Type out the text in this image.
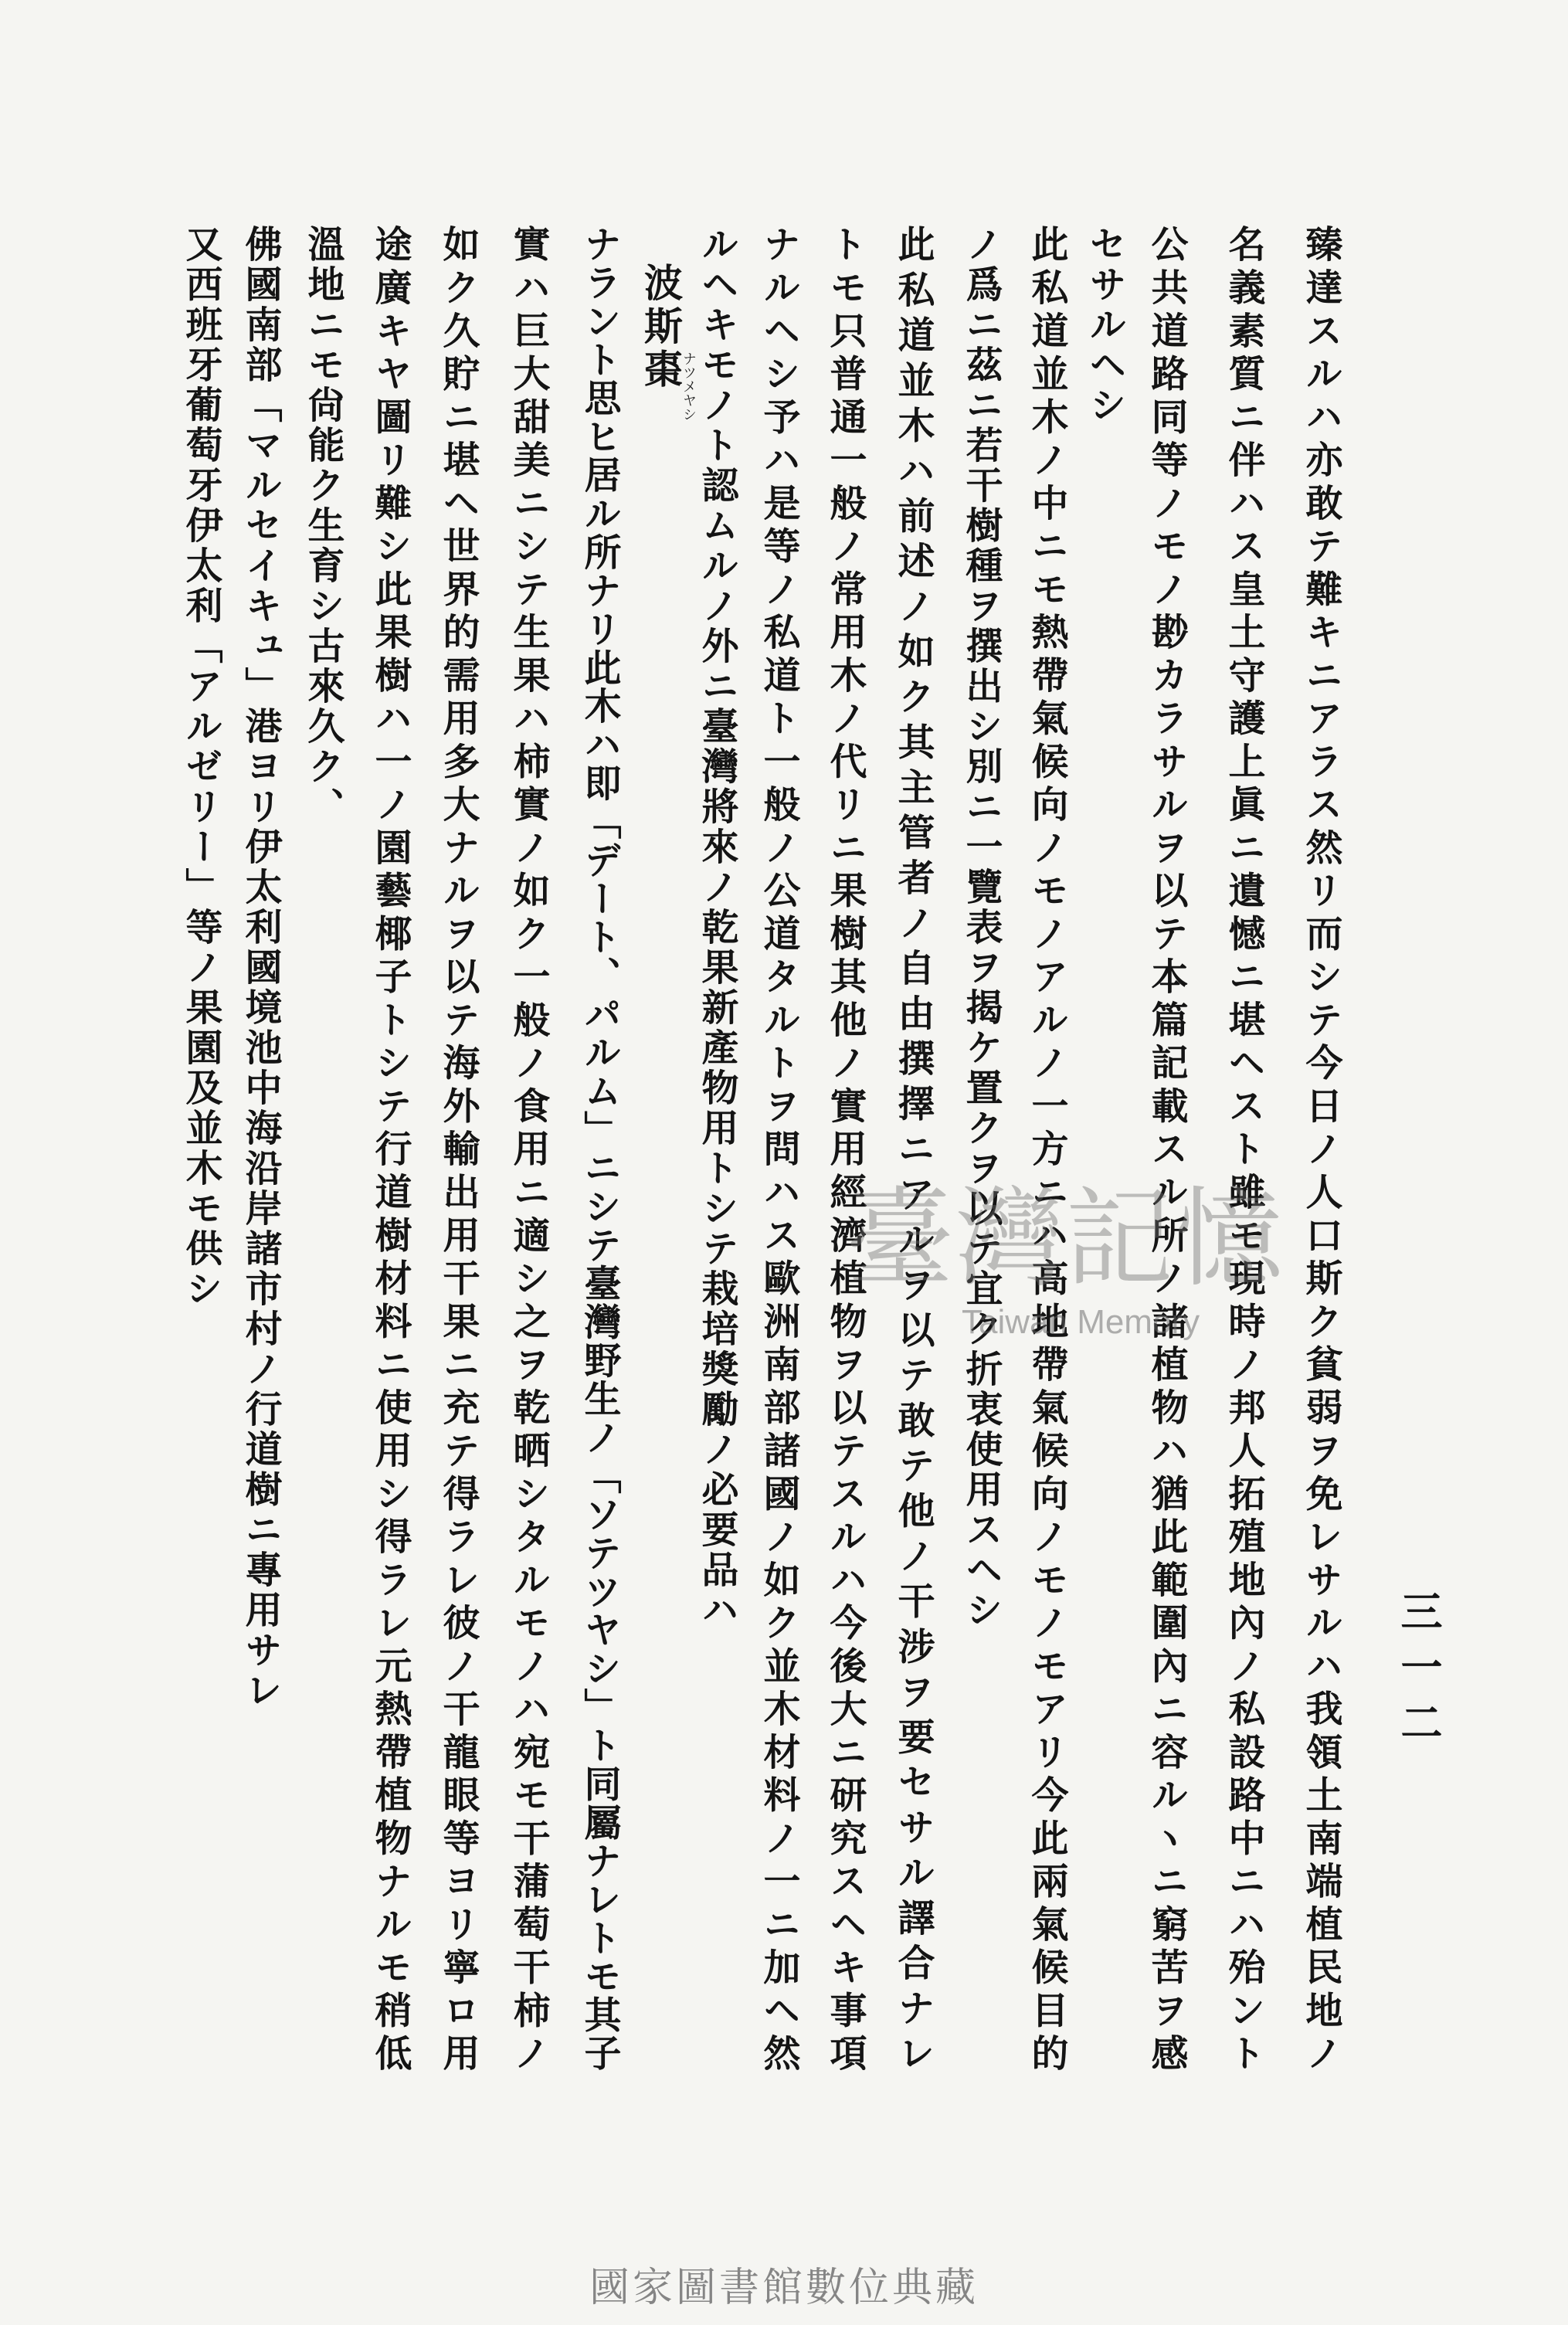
三一二
臻達スルハ亦敢テ難キニアラス然リ而シテ今日ノ人口斯ク貧弱ヲ免レサルハ我領土南端植民地ノ
名義素質ニ伴ハス皇土守護上眞ニ遺憾ニ堪ヘスト雖モ現時ノ邦人拓殖地內ノ私設路中ニハ殆ント
公共道路同等ノモノ尠カラサルヲ以テ本篇記載スル所ノ諸植物ハ猶此範圍內ニ容ルヽニ窮苦ヲ感
セサルヘシ
此私道並木ノ中ニモ熱帶氣候向ノモノアルノ一方ニハ高地帶氣候向ノモノモアリ今此兩氣候目的
ノ爲ニ茲ニ若干樹種ヲ撰出シ別ニ一覽表ヲ揭ケ置クヲ以テ宜ク折衷使用スヘシ
此私道並木ハ前述ノ如ク其主管者ノ自由撰擇ニアルヲ以テ敢テ他ノ干涉ヲ要セサル譯合ナレ
トモ只普通一般ノ常用木ノ代リニ果樹其他ノ實用經濟植物ヲ以テスルハ今後大ニ研究スヘキ事項
ナルヘシ予ハ是等ノ私道ト一般ノ公道タルトヲ問ハス歐洲南部諸國ノ如ク並木材料ノ一ニ加ヘ然
ルヘキモノト認ムルノ外ニ臺灣將來ノ乾果新產物用トシテ栽培獎勵ノ必要品ハ
波斯棗
ナツメヤシ
ナラント思ヒ居ル所ナリ此木ハ即「デート、パルム」ニシテ臺灣野生ノ「ソテツヤシ」ト同屬ナレトモ其子
實ハ巨大甜美ニシテ生果ハ柿實ノ如ク一般ノ食用ニ適シ之ヲ乾晒シタルモノハ宛モ干蒲萄干柿ノ
如ク久貯ニ堪ヘ世界的需用多大ナルヲ以テ海外輸出用干果ニ充テ得ラレ彼ノ干龍眼等ヨリ寧ロ用
途廣キヤ圖リ難シ此果樹ハ一ノ園藝椰子トシテ行道樹材料ニ使用シ得ラレ元熱帶植物ナルモ稍低
溫地ニモ尙能ク生育シ古來久ク、
佛國南部「マルセイキュ」港ヨリ伊太利國境池中海沿岸諸市村ノ行道樹ニ專用サレ
又西班牙葡萄牙伊太利「アルゼリー」等ノ果園及並木モ供シ	臺灣記憶
Taiwan Memory
國家圖書館數位典藏
